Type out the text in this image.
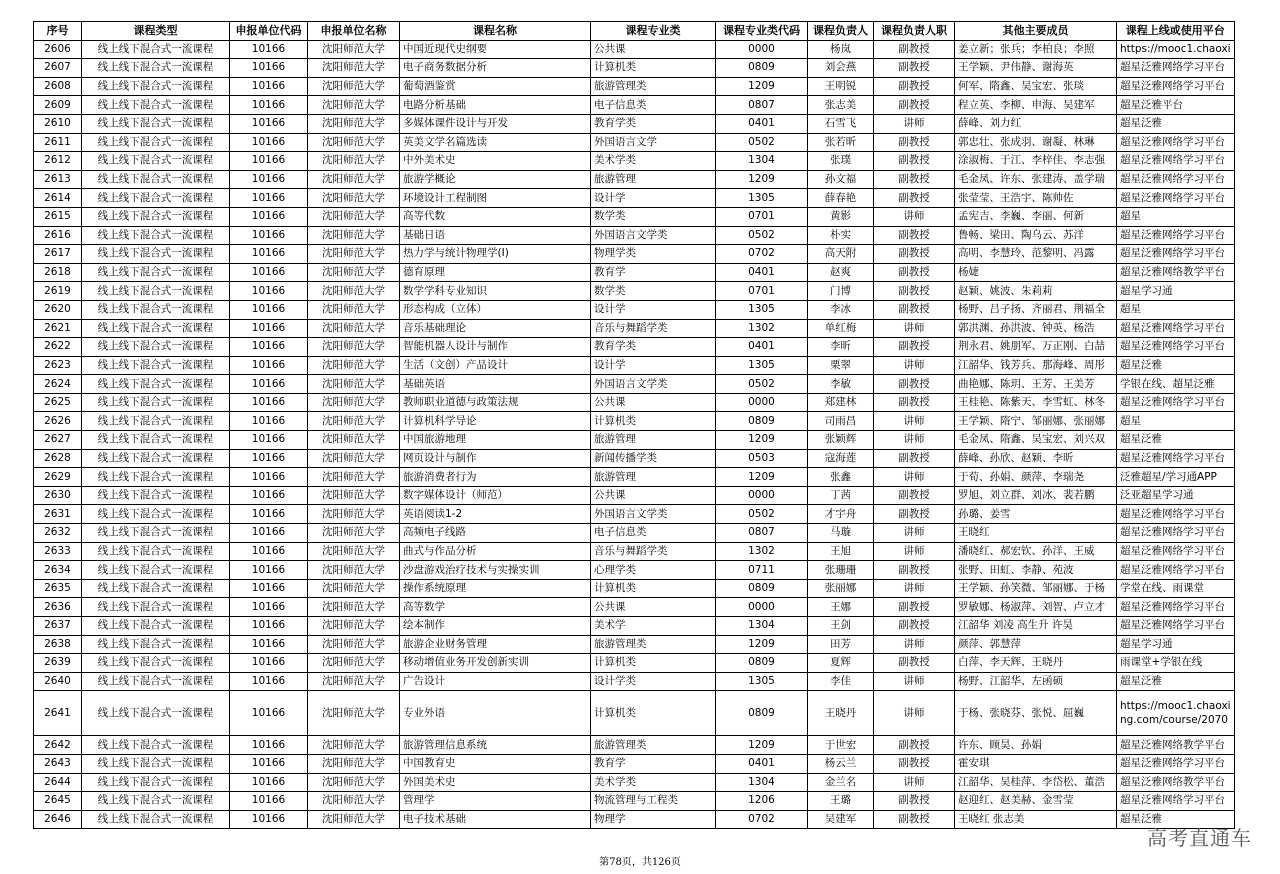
序号	课程类型	申报单位代码	申报单位名称	课程名称	课程专业类	课程专业类代码	课程负责人	课程负责人职	其他主要成员	课程上线或使用平台
2606	线上线下混合式一流课程	10166	沈阳师范大学	中国近现代史纲要	公共课	0000	杨岚	副教授	姜立新；张兵；李柏良；李照	https://mooc1.chaoxi
2607	线上线下混合式一流课程	10166	沈阳师范大学	电子商务数据分析	计算机类	0809	刘会燕	副教授	王学颖、尹伟静、谢海英	超星泛雅网络学习平台
2608	线上线下混合式一流课程	10166	沈阳师范大学	葡萄酒鉴赏	旅游管理类	1209	王明锐	副教授	何军、隋鑫、吴宝宏、张琰	超星泛雅网络学习平台
2609	线上线下混合式一流课程	10166	沈阳师范大学	电路分析基础	电子信息类	0807	张志美	副教授	程立英、李柳、申海、吴建军	超星泛雅平台
2610	线上线下混合式一流课程	10166	沈阳师范大学	多媒体课件设计与开发	教育学类	0401	石雪飞	讲师	薛峰、刘力红	超星泛雅
2611	线上线下混合式一流课程	10166	沈阳师范大学	英美文学名篇选读	外国语言文学	0502	张若昕	副教授	郭忠壮、张成羽、谢凝、林琳	超星泛雅网络学习平台
2612	线上线下混合式一流课程	10166	沈阳师范大学	中外美术史	美术学类	1304	张璞	副教授	涂淑梅、于江、李梓佳、李志强	超星泛雅网络学习平台
2613	线上线下混合式一流课程	10166	沈阳师范大学	旅游学概论	旅游管理	1209	孙文福	副教授	毛金凤、许东、张建涛、盖学瑞	超星泛雅网络学习平台
2614	线上线下混合式一流课程	10166	沈阳师范大学	环境设计工程制图	设计学	1305	薛春艳	副教授	张莹莹、王浩宇、陈帅佐	超星泛雅网络学习平台
2615	线上线下混合式一流课程	10166	沈阳师范大学	高等代数	数学类	0701	黄影	讲师	孟宪吉、李巍、李丽、何新	超星
2616	线上线下混合式一流课程	10166	沈阳师范大学	基础日语	外国语言文学类	0502	朴实	副教授	鲁畅、梁田、陶乌云、苏洋	超星泛雅网络学习平台
2617	线上线下混合式一流课程	10166	沈阳师范大学	热力学与统计物理学(I)	物理学类	0702	高天附	副教授	高明、李慧玲、范黎明、冯露	超星泛雅网络学习平台
2618	线上线下混合式一流课程	10166	沈阳师范大学	德育原理	教育学	0401	赵爽	副教授	杨婕	超星泛雅网络教学平台
2619	线上线下混合式一流课程	10166	沈阳师范大学	数学学科专业知识	数学类	0701	门博	副教授	赵颖、姚波、朱莉莉	超星学习通
2620	线上线下混合式一流课程	10166	沈阳师范大学	形态构成（立体）	设计学	1305	李冰	副教授	杨野、吕子扬、齐丽君、荆福全	超星
2621	线上线下混合式一流课程	10166	沈阳师范大学	音乐基础理论	音乐与舞蹈学类	1302	单红梅	讲师	郭洪渊、孙洪波、钟英、杨浩	超星泛雅网络学习平台
2622	线上线下混合式一流课程	10166	沈阳师范大学	智能机器人设计与制作	教育学类	0401	李昕	副教授	荆永君、姚朋军、万正刚、白喆	超星泛雅网络学习平台
2623	线上线下混合式一流课程	10166	沈阳师范大学	生活（文创）产品设计	设计学	1305	栗翠	讲师	江韶华、钱芳兵、那海峰、周彤	超星泛雅
2624	线上线下混合式一流课程	10166	沈阳师范大学	基础英语	外国语言文学类	0502	李敏	副教授	曲艳娜、陈玥、王芳、王美芳	学银在线、超星泛雅
2625	线上线下混合式一流课程	10166	沈阳师范大学	教师职业道德与政策法规	公共课	0000	郑建林	副教授	王桂艳、陈紫天、李雪虹、林冬	超星泛雅网络学习平台
2626	线上线下混合式一流课程	10166	沈阳师范大学	计算机科学导论	计算机类	0809	司雨昌	讲师	王学颖、隋宁、邹丽娜、张丽娜	超星
2627	线上线下混合式一流课程	10166	沈阳师范大学	中国旅游地理	旅游管理	1209	张颖辉	讲师	毛金凤、隋鑫、吴宝宏、刘兴双	超星泛雅
2628	线上线下混合式一流课程	10166	沈阳师范大学	网页设计与制作	新闻传播学类	0503	寇海莲	副教授	薛峰、孙欣、赵颖、李昕	超星泛雅网络学习平台
2629	线上线下混合式一流课程	10166	沈阳师范大学	旅游消费者行为	旅游管理	1209	张鑫	讲师	于荀、孙娟、颜萍、李瑞尧	泛雅超星/学习通APP
2630	线上线下混合式一流课程	10166	沈阳师范大学	数字媒体设计（师范）	公共课	0000	丁茜	副教授	罗旭、刘立群、刘冰、裴若鹏	泛亚超星学习通
2631	线上线下混合式一流课程	10166	沈阳师范大学	英语阅读1-2	外国语言文学类	0502	才宇舟	副教授	孙璐、姜雪	超星泛雅网络学习平台
2632	线上线下混合式一流课程	10166	沈阳师范大学	高频电子线路	电子信息类	0807	马璇	讲师	王晓红	超星泛雅网络学习平台
2633	线上线下混合式一流课程	10166	沈阳师范大学	曲式与作品分析	音乐与舞蹈学类	1302	王旭	讲师	潘晓红、郝宏钦、孙洋、王威	超星泛雅网络学习平台
2634	线上线下混合式一流课程	10166	沈阳师范大学	沙盘游戏治疗技术与实操实训	心理学类	0711	张珊珊	副教授	张野、田虹、李静、苑波	超星泛雅网络学习平台
2635	线上线下混合式一流课程	10166	沈阳师范大学	操作系统原理	计算机类	0809	张丽娜	讲师	王学颖、孙笑微、邹丽娜、于杨	学堂在线、雨课堂
2636	线上线下混合式一流课程	10166	沈阳师范大学	高等数学	公共课	0000	王娜	副教授	罗敏娜、杨淑萍、刘智、卢立才	超星泛雅网络学习平台
2637	线上线下混合式一流课程	10166	沈阳师范大学	绘本制作	美术学	1304	王剑	副教授	江韶华 刘凌 高生升 许昊	超星泛雅网络学习平台
2638	线上线下混合式一流课程	10166	沈阳师范大学	旅游企业财务管理	旅游管理类	1209	田芳	讲师	颜萍、郭慧萍	超星学习通
2639	线上线下混合式一流课程	10166	沈阳师范大学	移动增值业务开发创新实训	计算机类	0809	夏辉	副教授	白萍、李天辉、王晓丹	雨课堂+学银在线
2640	线上线下混合式一流课程	10166	沈阳师范大学	广告设计	设计学类	1305	李佳	讲师	杨野、江韶华、左函硕	超星泛雅
2641	线上线下混合式一流课程	10166	沈阳师范大学	专业外语	计算机类	0809	王晓丹	讲师	于杨、张晓芬、张悦、屈巍	https://mooc1.chaoxing.com/course/2070
2642	线上线下混合式一流课程	10166	沈阳师范大学	旅游管理信息系统	旅游管理类	1209	于世宏	副教授	许东、顾昊、孙娟	超星泛雅网络教学平台
2643	线上线下混合式一流课程	10166	沈阳师范大学	中国教育史	教育学	0401	杨云兰	副教授	霍安琪	超星泛雅网络学习平台
2644	线上线下混合式一流课程	10166	沈阳师范大学	外国美术史	美术学类	1304	金兰名	讲师	江韶华、吴桂萍、李岱松、董浩	超星泛雅网络教学平台
2645	线上线下混合式一流课程	10166	沈阳师范大学	管理学	物流管理与工程类	1206	王璐	副教授	赵迎红、赵美赫、金雪莹	超星泛雅网络学习平台
2646	线上线下混合式一流课程	10166	沈阳师范大学	电子技术基础	物理学	0702	吴建军	副教授	王晓红 张志美	超星泛雅
第78页，共126页
高考直通车
